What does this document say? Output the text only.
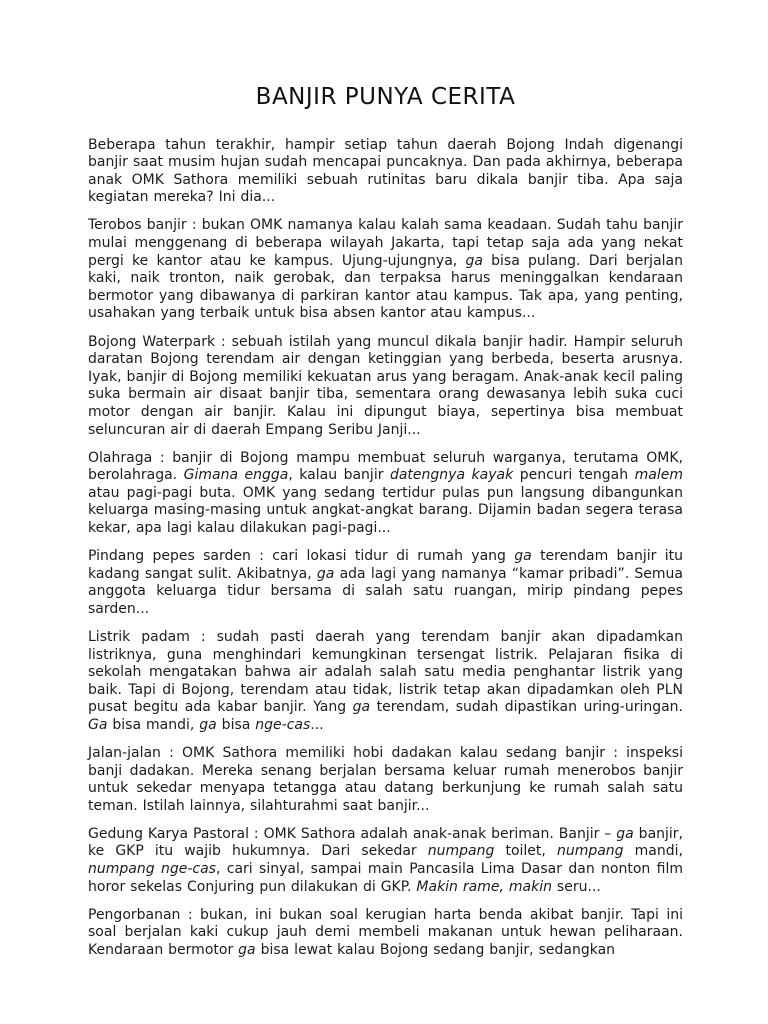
BANJIR PUNYA CERITA

Beberapa tahun terakhir, hampir setiap tahun daerah Bojong Indah digenangi banjir saat musim hujan sudah mencapai puncaknya. Dan pada akhirnya, beberapa anak OMK Sathora memiliki sebuah rutinitas baru dikala banjir tiba. Apa saja kegiatan mereka? Ini dia...

Terobos banjir : bukan OMK namanya kalau kalah sama keadaan. Sudah tahu banjir mulai menggenang di beberapa wilayah Jakarta, tapi tetap saja ada yang nekat pergi ke kantor atau ke kampus. Ujung-ujungnya, ga bisa pulang. Dari berjalan kaki, naik tronton, naik gerobak, dan terpaksa harus meninggalkan kendaraan bermotor yang dibawanya di parkiran kantor atau kampus. Tak apa, yang penting, usahakan yang terbaik untuk bisa absen kantor atau kampus...

Bojong Waterpark : sebuah istilah yang muncul dikala banjir hadir. Hampir seluruh daratan Bojong terendam air dengan ketinggian yang berbeda, beserta arusnya. Iyak, banjir di Bojong memiliki kekuatan arus yang beragam. Anak-anak kecil paling suka bermain air disaat banjir tiba, sementara orang dewasanya lebih suka cuci motor dengan air banjir. Kalau ini dipungut biaya, sepertinya bisa membuat seluncuran air di daerah Empang Seribu Janji...

Olahraga : banjir di Bojong mampu membuat seluruh warganya, terutama OMK, berolahraga. Gimana engga, kalau banjir datengnya kayak pencuri tengah malem atau pagi-pagi buta. OMK yang sedang tertidur pulas pun langsung dibangunkan keluarga masing-masing untuk angkat-angkat barang. Dijamin badan segera terasa kekar, apa lagi kalau dilakukan pagi-pagi...

Pindang pepes sarden : cari lokasi tidur di rumah yang ga terendam banjir itu kadang sangat sulit. Akibatnya, ga ada lagi yang namanya “kamar pribadi”. Semua anggota keluarga tidur bersama di salah satu ruangan, mirip pindang pepes sarden...

Listrik padam : sudah pasti daerah yang terendam banjir akan dipadamkan listriknya, guna menghindari kemungkinan tersengat listrik. Pelajaran fisika di sekolah mengatakan bahwa air adalah salah satu media penghantar listrik yang baik. Tapi di Bojong, terendam atau tidak, listrik tetap akan dipadamkan oleh PLN pusat begitu ada kabar banjir. Yang ga terendam, sudah dipastikan uring-uringan. Ga bisa mandi, ga bisa nge-cas...

Jalan-jalan : OMK Sathora memiliki hobi dadakan kalau sedang banjir : inspeksi banji dadakan. Mereka senang berjalan bersama keluar rumah menerobos banjir untuk sekedar menyapa tetangga atau datang berkunjung ke rumah salah satu teman. Istilah lainnya, silahturahmi saat banjir...

Gedung Karya Pastoral : OMK Sathora adalah anak-anak beriman. Banjir – ga banjir, ke GKP itu wajib hukumnya. Dari sekedar numpang toilet, numpang mandi, numpang nge-cas, cari sinyal, sampai main Pancasila Lima Dasar dan nonton film horor sekelas Conjuring pun dilakukan di GKP. Makin rame, makin seru...

Pengorbanan : bukan, ini bukan soal kerugian harta benda akibat banjir. Tapi ini soal berjalan kaki cukup jauh demi membeli makanan untuk hewan peliharaan. Kendaraan bermotor ga bisa lewat kalau Bojong sedang banjir, sedangkan
